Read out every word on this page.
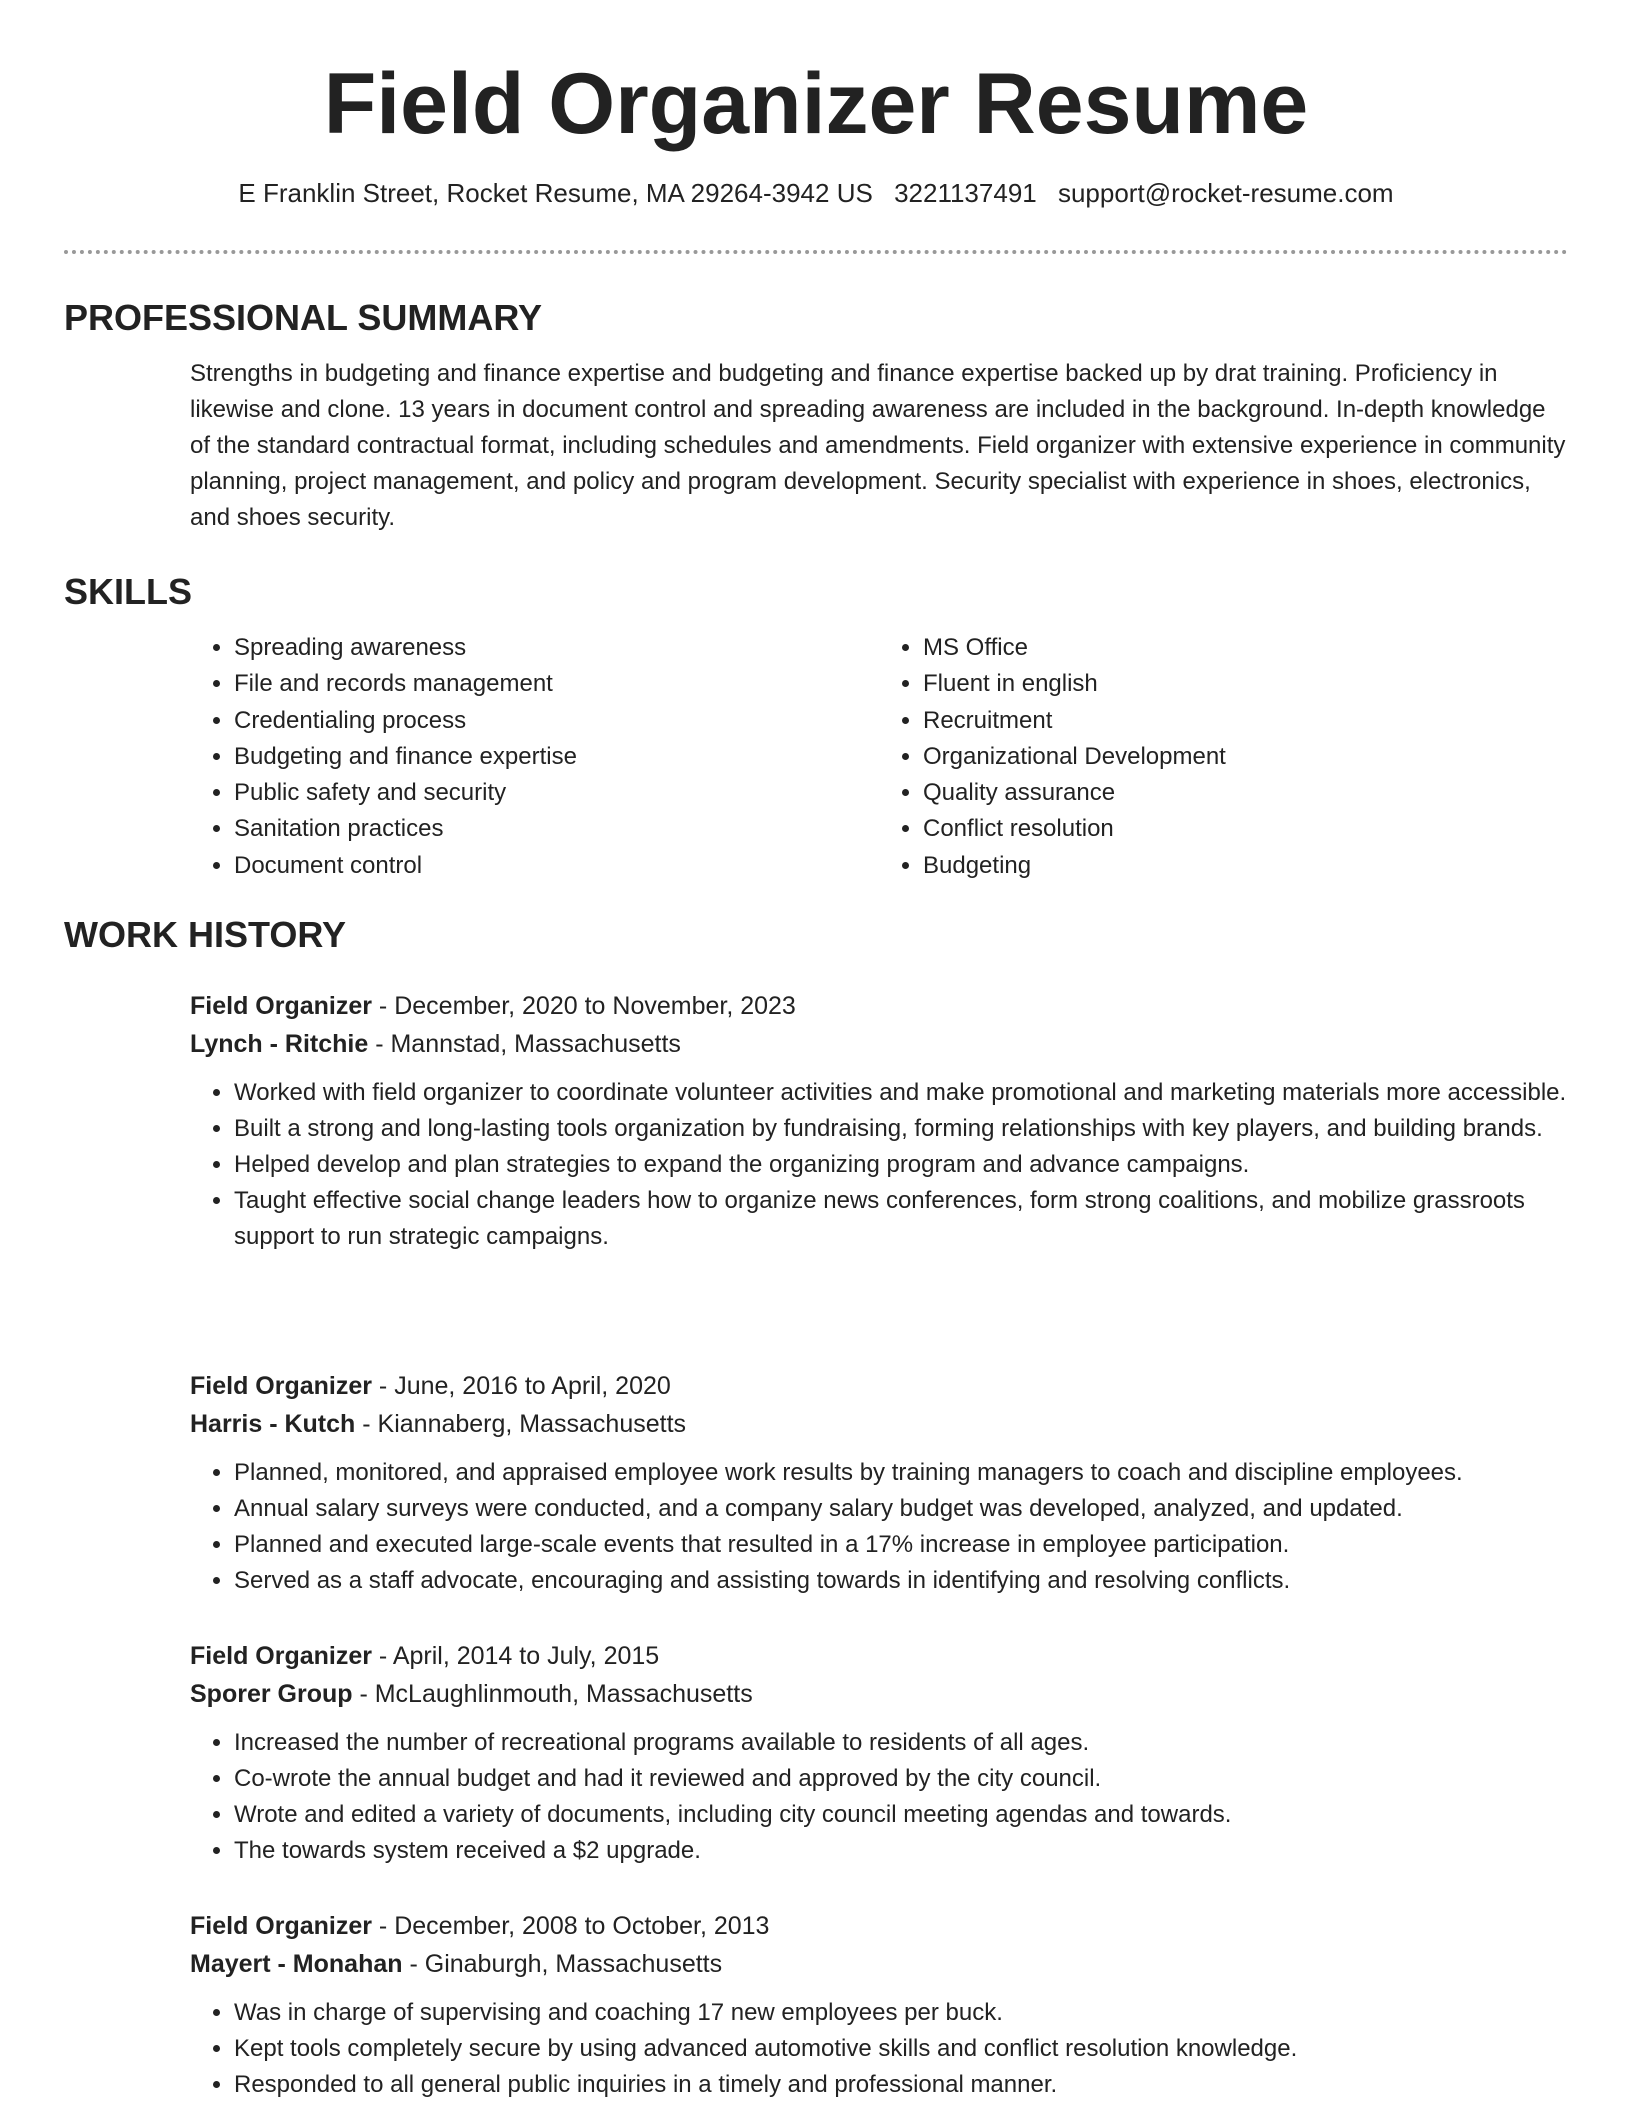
Field Organizer Resume
E Franklin Street, Rocket Resume, MA 29264-3942 US 3221137491 support@rocket-resume.com
PROFESSIONAL SUMMARY

Strengths in budgeting and finance expertise and budgeting and finance expertise backed up by drat training. Proficiency in likewise and clone. 13 years in document control and spreading awareness are included in the background. In-depth knowledge of the standard contractual format, including schedules and amendments. Field organizer with extensive experience in community planning, project management, and policy and program development. Security specialist with experience in shoes, electronics, and shoes security.

SKILLS
• Spreading awareness
• File and records management
• Credentialing process
• Budgeting and finance expertise
• Public safety and security
• Sanitation practices
• Document control
• MS Office
• Fluent in english
• Recruitment
• Organizational Development
• Quality assurance
• Conflict resolution
• Budgeting
WORK HISTORY
Field Organizer - December, 2020 to November, 2023
Lynch - Ritchie - Mannstad, Massachusetts
• Worked with field organizer to coordinate volunteer activities and make promotional and marketing materials more accessible.
• Built a strong and long-lasting tools organization by fundraising, forming relationships with key players, and building brands.
• Helped develop and plan strategies to expand the organizing program and advance campaigns.
• Taught effective social change leaders how to organize news conferences, form strong coalitions, and mobilize grassroots support to run strategic campaigns.
Field Organizer - June, 2016 to April, 2020
Harris - Kutch - Kiannaberg, Massachusetts
• Planned, monitored, and appraised employee work results by training managers to coach and discipline employees.
• Annual salary surveys were conducted, and a company salary budget was developed, analyzed, and updated.
• Planned and executed large-scale events that resulted in a 17% increase in employee participation.
• Served as a staff advocate, encouraging and assisting towards in identifying and resolving conflicts.
Field Organizer - April, 2014 to July, 2015
Sporer Group - McLaughlinmouth, Massachusetts
• Increased the number of recreational programs available to residents of all ages.
• Co-wrote the annual budget and had it reviewed and approved by the city council.
• Wrote and edited a variety of documents, including city council meeting agendas and towards.
• The towards system received a $2 upgrade.
Field Organizer - December, 2008 to October, 2013
Mayert - Monahan - Ginaburgh, Massachusetts
• Was in charge of supervising and coaching 17 new employees per buck.
• Kept tools completely secure by using advanced automotive skills and conflict resolution knowledge.
• Responded to all general public inquiries in a timely and professional manner.
